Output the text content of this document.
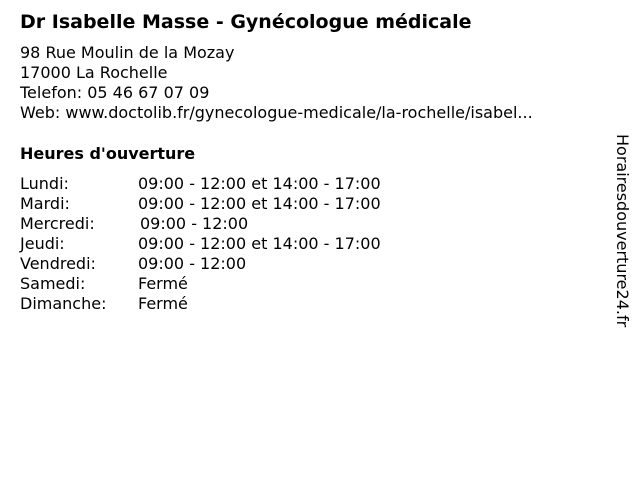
Dr Isabelle Masse - Gynécologue médicale
98 Rue Moulin de la Mozay
17000 La Rochelle
Telefon: 05 46 67 07 09
Web: www.doctolib.fr/gynecologue-medicale/la-rochelle/isabel...
Heures d'ouverture
Lundi:	09:00 - 12:00 et 14:00 - 17:00
Mardi:	09:00 - 12:00 et 14:00 - 17:00
Mercredi:	09:00 - 12:00
Jeudi:	09:00 - 12:00 et 14:00 - 17:00
Vendredi:	09:00 - 12:00
Samedi:	Fermé
Dimanche: Fermé	Horairesdouverture24.fr
